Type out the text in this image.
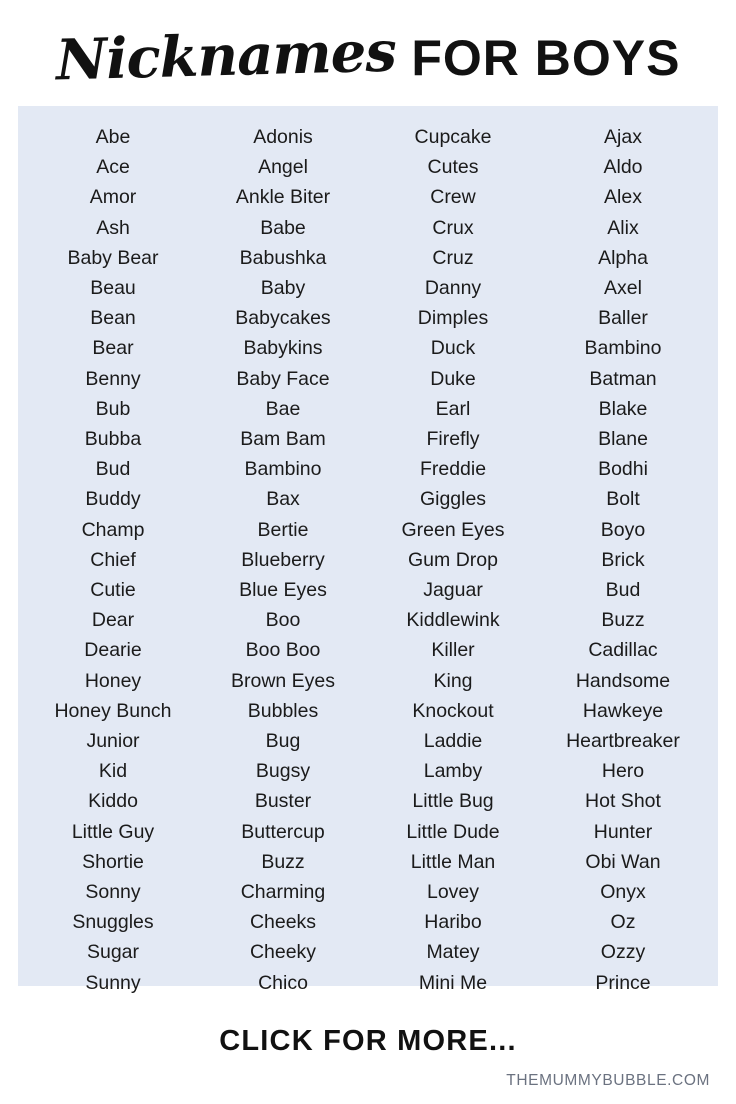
Nicknames FOR BOYS
Abe
Ace
Amor
Ash
Baby Bear
Beau
Bean
Bear
Benny
Bub
Bubba
Bud
Buddy
Champ
Chief
Cutie
Dear
Dearie
Honey
Honey Bunch
Junior
Kid
Kiddo
Little Guy
Shortie
Sonny
Snuggles
Sugar
Sunny
Adonis
Angel
Ankle Biter
Babe
Babushka
Baby
Babycakes
Babykins
Baby Face
Bae
Bam Bam
Bambino
Bax
Bertie
Blueberry
Blue Eyes
Boo
Boo Boo
Brown Eyes
Bubbles
Bug
Bugsy
Buster
Buttercup
Buzz
Charming
Cheeks
Cheeky
Chico
Cupcake
Cutes
Crew
Crux
Cruz
Danny
Dimples
Duck
Duke
Earl
Firefly
Freddie
Giggles
Green Eyes
Gum Drop
Jaguar
Kiddlewink
Killer
King
Knockout
Laddie
Lamby
Little Bug
Little Dude
Little Man
Lovey
Haribo
Matey
Mini Me
Ajax
Aldo
Alex
Alix
Alpha
Axel
Baller
Bambino
Batman
Blake
Blane
Bodhi
Bolt
Boyo
Brick
Bud
Buzz
Cadillac
Handsome
Hawkeye
Heartbreaker
Hero
Hot Shot
Hunter
Obi Wan
Onyx
Oz
Ozzy
Prince
CLICK FOR MORE...
THEMUMMYBUBBLE.COM
